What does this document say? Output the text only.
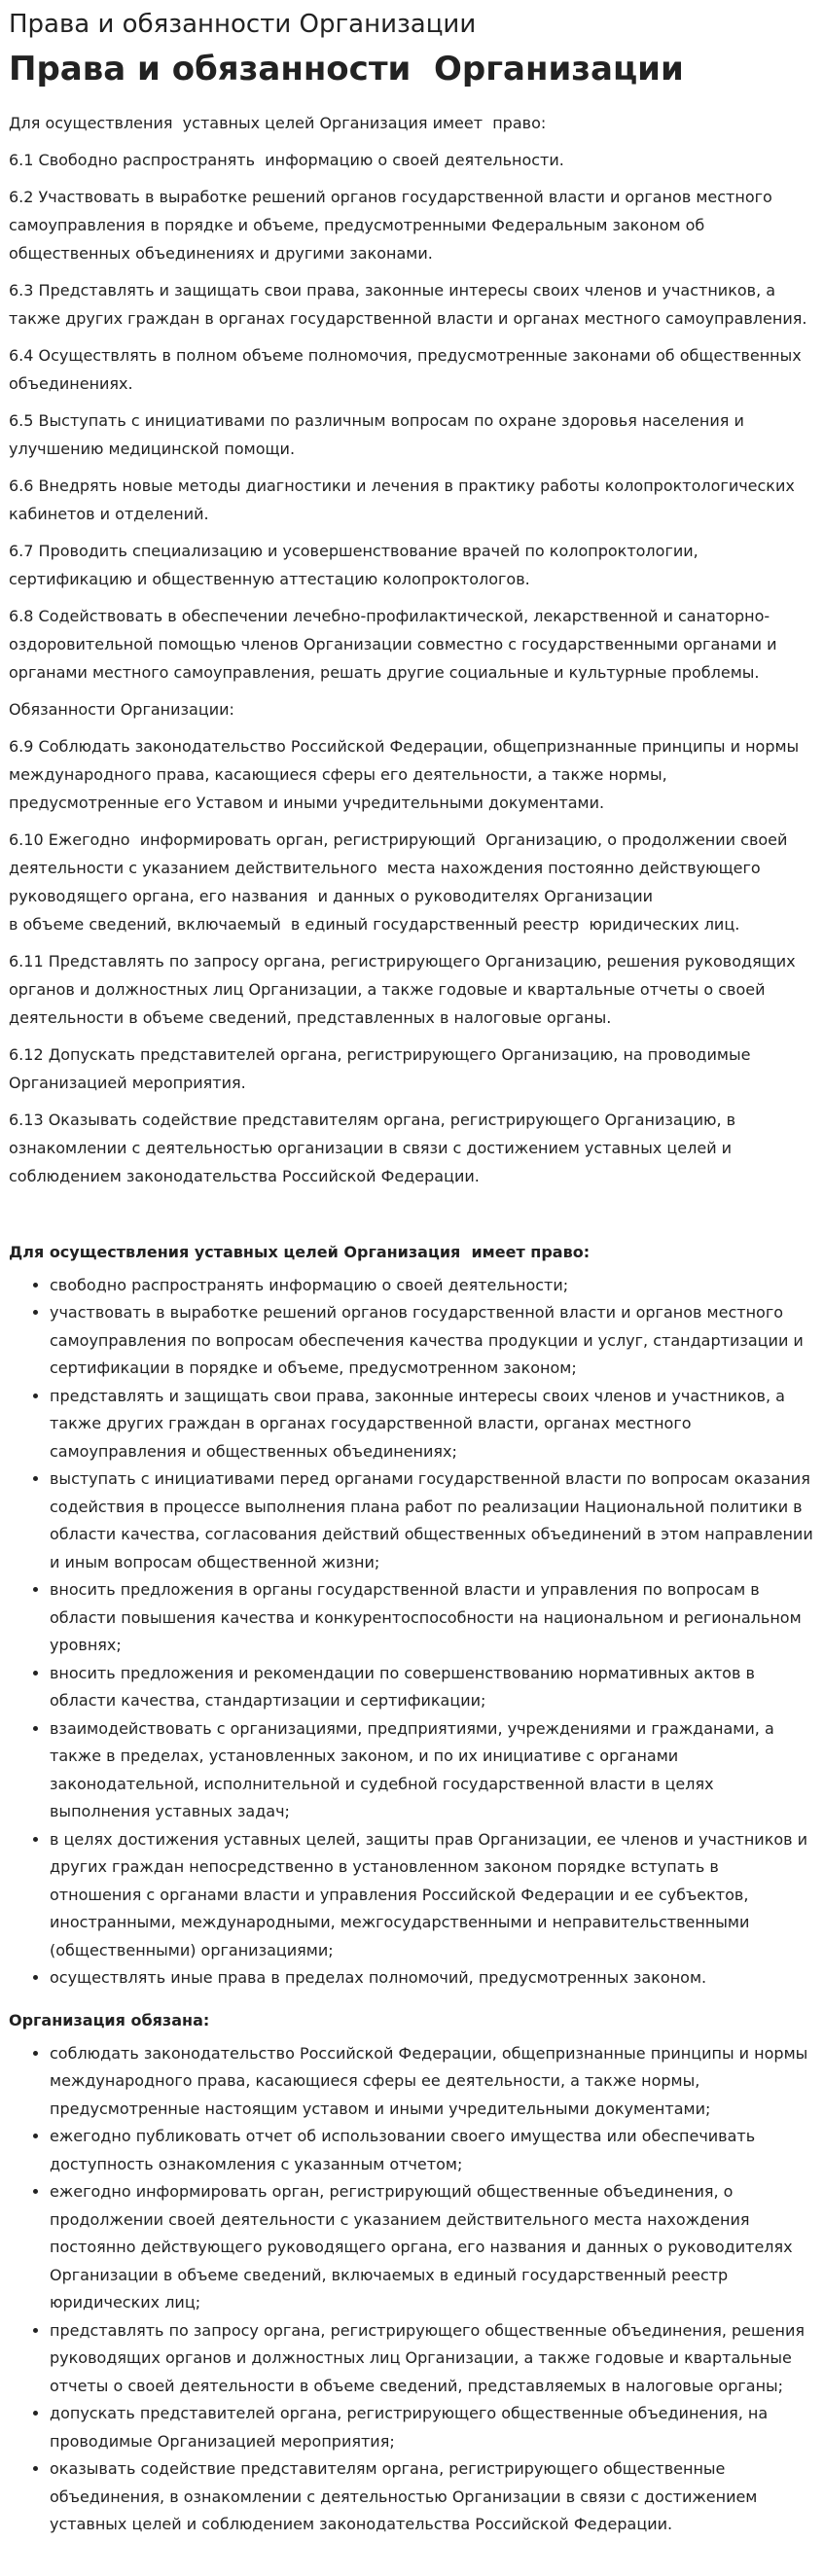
Права и обязанности Организации
Права и обязанности  Организации

Для осуществления  уставных целей Организация имеет  право:

6.1 Свободно распространять  информацию о своей деятельности.

6.2 Участвовать в выработке решений органов государственной власти и органов местного самоуправления в порядке и объеме, предусмотренными Федеральным законом об общественных объединениях и другими законами.

6.3 Представлять и защищать свои права, законные интересы своих членов и участников, а также других граждан в органах государственной власти и органах местного самоуправления.

6.4 Осуществлять в полном объеме полномочия, предусмотренные законами об общественных объединениях.

6.5 Выступать с инициативами по различным вопросам по охране здоровья населения и улучшению медицинской помощи.

6.6 Внедрять новые методы диагностики и лечения в практику работы колопроктологических кабинетов и отделений.

6.7 Проводить специализацию и усовершенствование врачей по колопроктологии, сертификацию и общественную аттестацию колопроктологов.

6.8 Содействовать в обеспечении лечебно-профилактической, лекарственной и санаторно-оздоровительной помощью членов Организации совместно с государственными органами и органами местного самоуправления, решать другие социальные и культурные проблемы.

Обязанности Организации:

6.9 Соблюдать законодательство Российской Федерации, общепризнанные принципы и нормы международного права, касающиеся сферы его деятельности, а также нормы, предусмотренные его Уставом и иными учредительными документами.

6.10 Ежегодно  информировать орган, регистрирующий  Организацию, о продолжении своей деятельности с указанием действительного  места нахождения постоянно действующего руководящего органа, его названия  и данных о руководителях Организации
в объеме сведений, включаемый  в единый государственный реестр  юридических лиц.

6.11 Представлять по запросу органа, регистрирующего Организацию, решения руководящих органов и должностных лиц Организации, а также годовые и квартальные отчеты о своей деятельности в объеме сведений, представленных в налоговые органы.

6.12 Допускать представителей органа, регистрирующего Организацию, на проводимые Организацией мероприятия.

6.13 Оказывать содействие представителям органа, регистрирующего Организацию, в ознакомлении с деятельностью организации в связи с достижением уставных целей и соблюдением законодательства Российской Федерации.

Для осуществления уставных целей Организация  имеет право:
• свободно распространять информацию о своей деятельности;
• участвовать в выработке решений органов государственной власти и органов местного самоуправления по вопросам обеспечения качества продукции и услуг, стандартизации и сертификации в порядке и объеме, предусмотренном законом;
• представлять и защищать свои права, законные интересы своих членов и участников, а также других граждан в органах государственной власти, органах местного самоуправления и общественных объединениях;
• выступать с инициативами перед органами государственной власти по вопросам оказания содействия в процессе выполнения плана работ по реализации Национальной политики в области качества, согласования действий общественных объединений в этом направлении и иным вопросам общественной жизни;
• вносить предложения в органы государственной власти и управления по вопросам в области повышения качества и конкурентоспособности на национальном и региональном уровнях;
• вносить предложения и рекомендации по совершенствованию нормативных актов в области качества, стандартизации и сертификации;
• взаимодействовать с организациями, предприятиями, учреждениями и гражданами, а также в пределах, установленных законом, и по их инициативе с органами законодательной, исполнительной и судебной государственной власти в целях выполнения уставных задач;
• в целях достижения уставных целей, защиты прав Организации, ее членов и участников и других граждан непосредственно в установленном законом порядке вступать в отношения с органами власти и управления Российской Федерации и ее субъектов, иностранными, международными, межгосударственными и неправительственными (общественными) организациями;
• осуществлять иные права в пределах полномочий, предусмотренных законом.
Организация обязана:
• соблюдать законодательство Российской Федерации, общепризнанные принципы и нормы международного права, касающиеся сферы ее деятельности, а также нормы, предусмотренные настоящим уставом и иными учредительными документами;
• ежегодно публиковать отчет об использовании своего имущества или обеспечивать доступность ознакомления с указанным отчетом;
• ежегодно информировать орган, регистрирующий общественные объединения, о продолжении своей деятельности с указанием действительного места нахождения постоянно действующего руководящего органа, его названия и данных о руководителях Организации в объеме сведений, включаемых в единый государственный реестр юридических лиц;
• представлять по запросу органа, регистрирующего общественные объединения, решения руководящих органов и должностных лиц Организации, а также годовые и квартальные отчеты о своей деятельности в объеме сведений, представляемых в налоговые органы;
• допускать представителей органа, регистрирующего общественные объединения, на проводимые Организацией мероприятия;
• оказывать содействие представителям органа, регистрирующего общественные объединения, в ознакомлении с деятельностью Организации в связи с достижением уставных целей и соблюдением законодательства Российской Федерации.
